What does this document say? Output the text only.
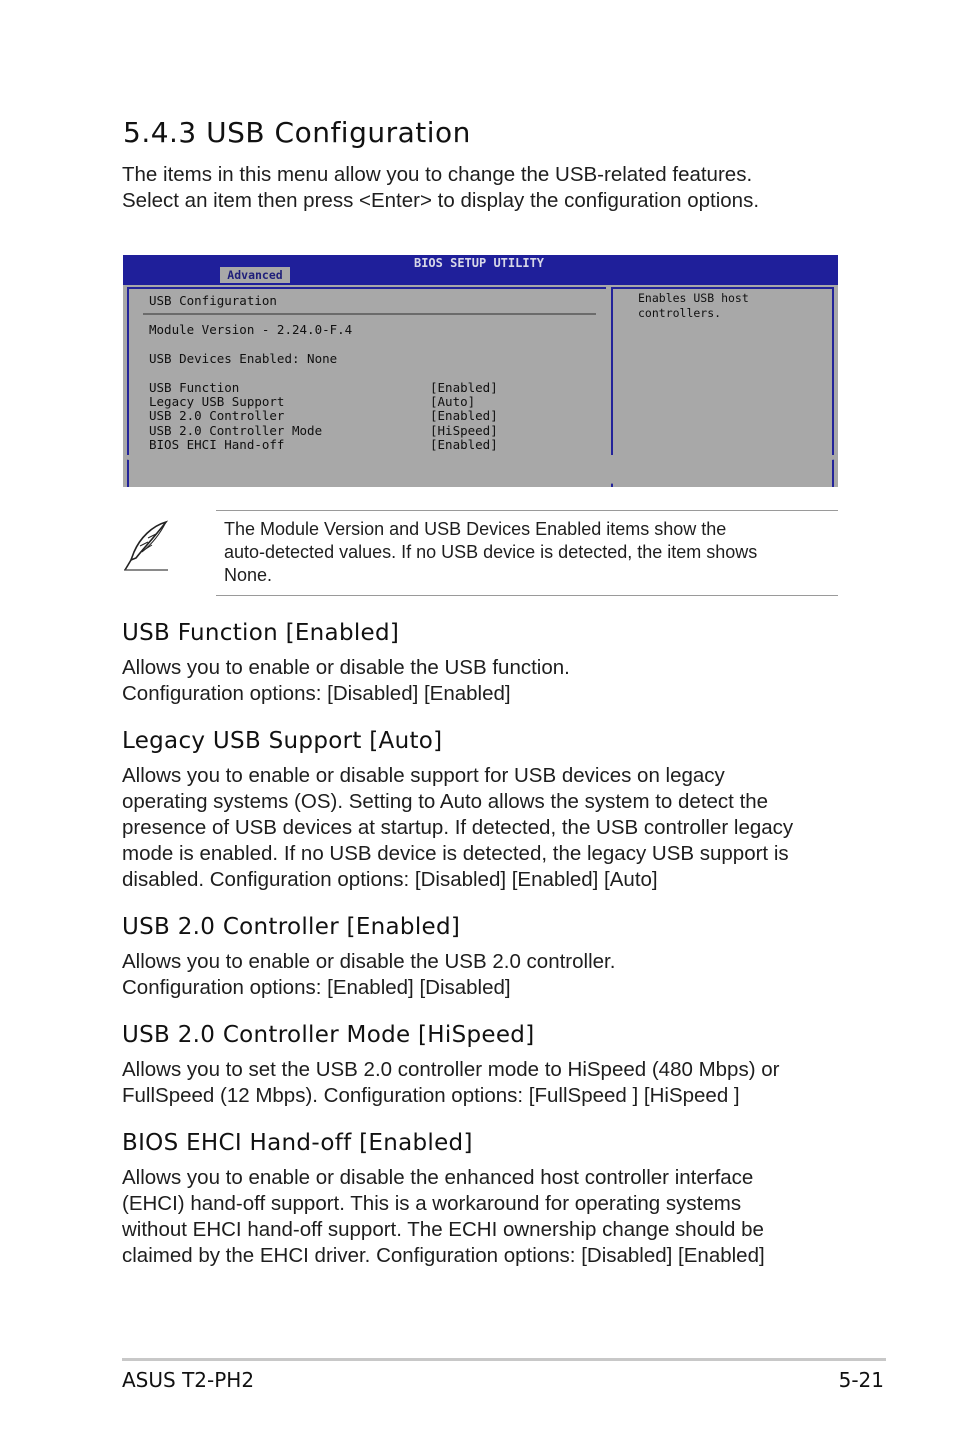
5.4.3 USB Configuration
The items in this menu allow you to change the USB-related features.
Select an item then press <Enter> to display the configuration options.
BIOS SETUP UTILITY
Advanced
USB Configuration
Module Version - 2.24.0-F.4
USB Devices Enabled: None
USB Function	[Enabled]
Legacy USB Support	[Auto]
USB 2.0 Controller	[Enabled]
USB 2.0 Controller Mode	[HiSpeed]
BIOS EHCI Hand-off	[Enabled]
Enables USB host
controllers.
The Module Version and USB Devices Enabled items show the
auto-detected values. If no USB device is detected, the item shows
None.
USB Function [Enabled]
Allows you to enable or disable the USB function.
Configuration options: [Disabled] [Enabled]
Legacy USB Support [Auto]
Allows you to enable or disable support for USB devices on legacy
operating systems (OS). Setting to Auto allows the system to detect the
presence of USB devices at startup. If detected, the USB controller legacy
mode is enabled. If no USB device is detected, the legacy USB support is
disabled. Configuration options: [Disabled] [Enabled] [Auto]
USB 2.0 Controller [Enabled]
Allows you to enable or disable the USB 2.0 controller.
Configuration options: [Enabled] [Disabled]
USB 2.0 Controller Mode [HiSpeed]
Allows you to set the USB 2.0 controller mode to HiSpeed (480 Mbps) or
FullSpeed (12 Mbps). Configuration options: [FullSpeed ] [HiSpeed ]
BIOS EHCI Hand-off [Enabled]
Allows you to enable or disable the enhanced host controller interface
(EHCI) hand-off support. This is a workaround for operating systems
without EHCI hand-off support. The ECHI ownership change should be
claimed by the EHCI driver. Configuration options: [Disabled] [Enabled]
ASUS T2-PH2	5-21
